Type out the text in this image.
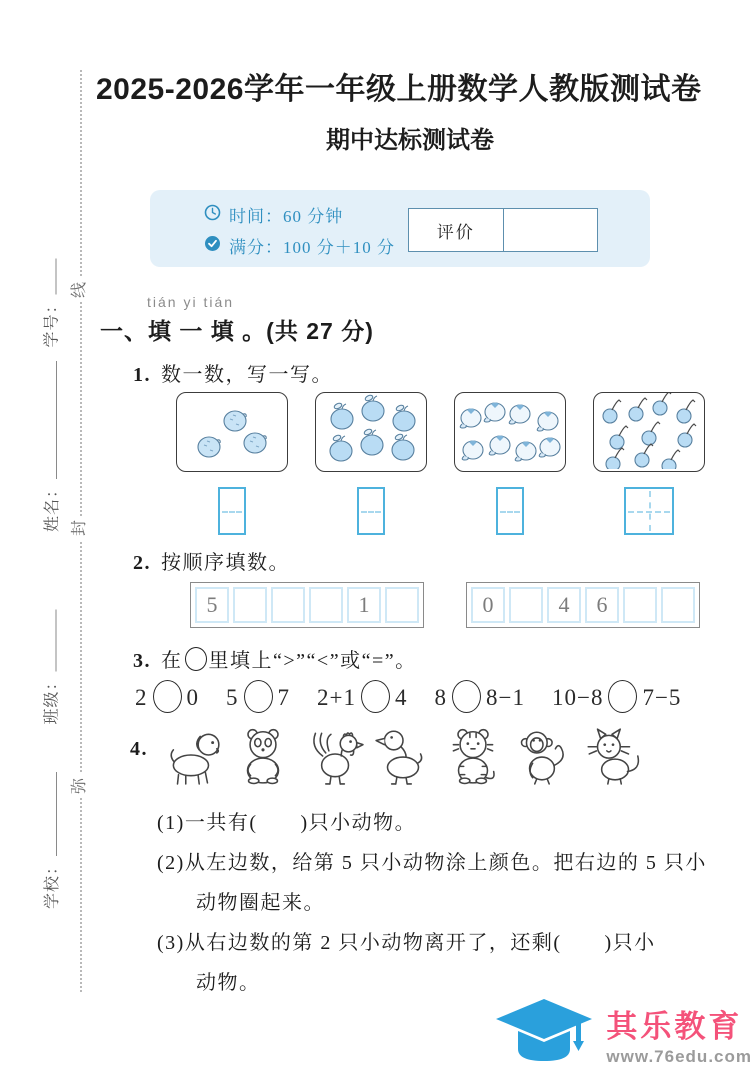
学号：
姓名：
班级：
学校：
线
封
弥
2025-2026学年一年级上册数学人教版测试卷
期中达标测试卷
时间：60 分钟
满分：100 分＋10 分
评价
tián yi tián
一、填 一 填 。(共 27 分)
1. 数一数，写一写。
2. 按顺序填数。
5	1	0	4	6
3. 在 里填上“>”“<”或“=”。
2 0 5 7 2+1 4 8 8−1 10−8 7−5
4.
(1)一共有(　　)只小动物。
(2)从左边数，给第 5 只小动物涂上颜色。把右边的 5 只小
动物圈起来。
(3)从右边数的第 2 只小动物离开了，还剩(　　)只小
动物。
其乐教育
www.76edu.com
